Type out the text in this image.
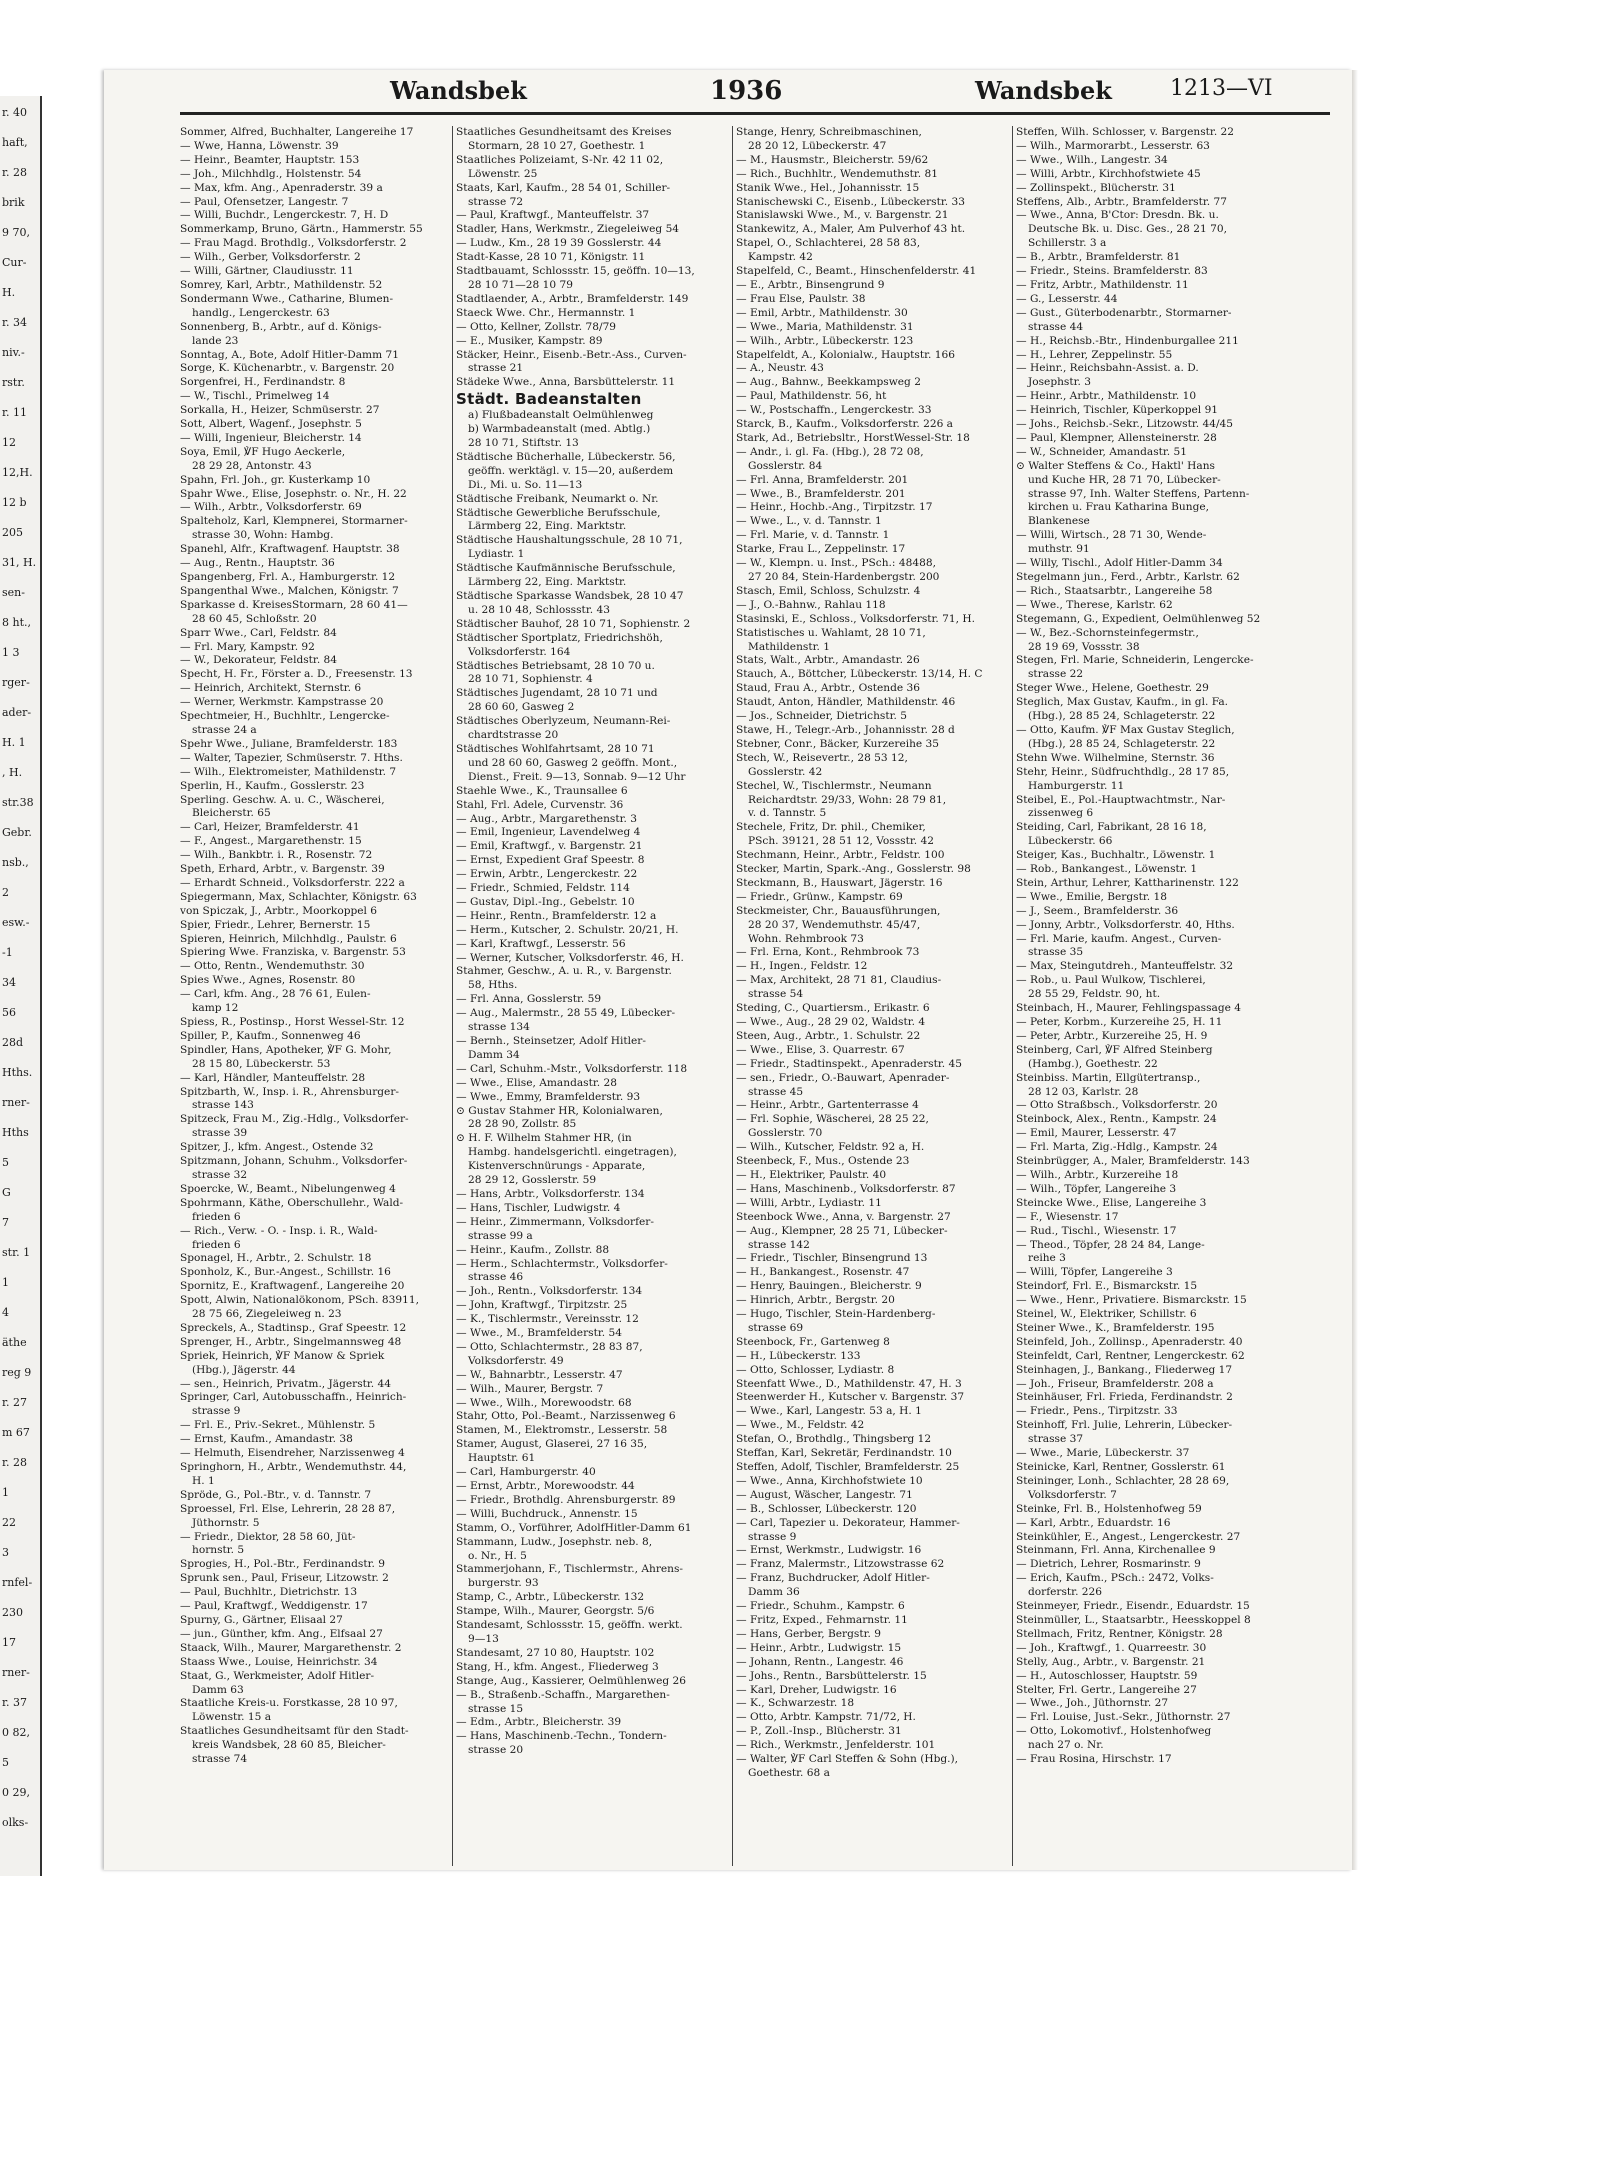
r. 40
haft,
r. 28
brik
9 70,
Cur-
H.
r. 34
niv.-
rstr.
r. 11
12
12,H.
12 b
205
31, H.
sen-
8 ht.,
1 3
rger-
ader-
H. 1
, H.
str.38
Gebr.
nsb.,
2
esw.-
-1
34
56
28d
Hths.
rner-
Hths
5
G
7
str. 1
1
4
äthe
reg 9
r. 27
m 67
r. 28
1
22
3
rnfel-
230
17
rner-
r. 37
0 82,
5
0 29,
olks-
Wandsbek	1936	Wandsbek	1213—VI
Sommer, Alfred, Buchhalter, Langereihe 17
— Wwe, Hanna, Löwenstr. 39
— Heinr., Beamter, Hauptstr. 153
— Joh., Milchhdlg., Holstenstr. 54
— Max, kfm. Ang., Apenraderstr. 39 a
— Paul, Ofensetzer, Langestr. 7
— Willi, Buchdr., Lengerckestr. 7, H. D
Sommerkamp, Bruno, Gärtn., Hammerstr. 55
— Frau Magd. Brothdlg., Volksdorferstr. 2
— Wilh., Gerber, Volksdorferstr. 2
— Willi, Gärtner, Claudiusstr. 11
Somrey, Karl, Arbtr., Mathildenstr. 52
Sondermann Wwe., Catharine, Blumen-
handlg., Lengerckestr. 63
Sonnenberg, B., Arbtr., auf d. Königs-
lande 23
Sonntag, A., Bote, Adolf Hitler-Damm 71
Sorge, K. Küchenarbtr., v. Bargenstr. 20
Sorgenfrei, H., Ferdinandstr. 8
— W., Tischl., Primelweg 14
Sorkalla, H., Heizer, Schmüserstr. 27
Sott, Albert, Wagenf., Josephstr. 5
— Willi, Ingenieur, Bleicherstr. 14
Soya, Emil, ℣F Hugo Aeckerle,
28 29 28, Antonstr. 43
Spahn, Frl. Joh., gr. Kusterkamp 10
Spahr Wwe., Elise, Josephstr. o. Nr., H. 22
— Wilh., Arbtr., Volksdorferstr. 69
Spalteholz, Karl, Klempnerei, Stormarner-
strasse 30, Wohn: Hambg.
Spanehl, Alfr., Kraftwagenf. Hauptstr. 38
— Aug., Rentn., Hauptstr. 36
Spangenberg, Frl. A., Hamburgerstr. 12
Spangenthal Wwe., Malchen, Königstr. 7
Sparkasse d. KreisesStormarn, 28 60 41—
28 60 45, Schloßstr. 20
Sparr Wwe., Carl, Feldstr. 84
— Frl. Mary, Kampstr. 92
— W., Dekorateur, Feldstr. 84
Specht, H. Fr., Förster a. D., Freesenstr. 13
— Heinrich, Architekt, Sternstr. 6
— Werner, Werkmstr. Kampstrasse 20
Spechtmeier, H., Buchhltr., Lengercke-
strasse 24 a
Spehr Wwe., Juliane, Bramfelderstr. 183
— Walter, Tapezier, Schmüserstr. 7. Hths.
— Wilh., Elektromeister, Mathildenstr. 7
Sperlin, H., Kaufm., Gosslerstr. 23
Sperling. Geschw. A. u. C., Wäscherei,
Bleicherstr. 65
— Carl, Heizer, Bramfelderstr. 41
— F., Angest., Margarethenstr. 15
— Wilh., Bankbtr. i. R., Rosenstr. 72
Speth, Erhard, Arbtr., v. Bargenstr. 39
— Erhardt Schneid., Volksdorferstr. 222 a
Spiegermann, Max, Schlachter, Königstr. 63
von Spiczak, J., Arbtr., Moorkoppel 6
Spier, Friedr., Lehrer, Bernerstr. 15
Spieren, Heinrich, Milchhdlg., Paulstr. 6
Spiering Wwe. Franziska, v. Bargenstr. 53
— Otto, Rentn., Wendemuthstr. 30
Spies Wwe., Agnes, Rosenstr. 80
— Carl, kfm. Ang., 28 76 61, Eulen-
kamp 12
Spiess, R., Postinsp., Horst Wessel-Str. 12
Spiller, P., Kaufm., Sonnenweg 46
Spindler, Hans, Apotheker, ℣F G. Mohr,
28 15 80, Lübeckerstr. 53
— Karl, Händler, Manteuffelstr. 28
Spitzbarth, W., Insp. i. R., Ahrensburger-
strasse 143
Spitzeck, Frau M., Zig.-Hdlg., Volksdorfer-
strasse 39
Spitzer, J., kfm. Angest., Ostende 32
Spitzmann, Johann, Schuhm., Volksdorfer-
strasse 32
Spoercke, W., Beamt., Nibelungenweg 4
Spohrmann, Käthe, Oberschullehr., Wald-
frieden 6
— Rich., Verw. - O. - Insp. i. R., Wald-
frieden 6
Sponagel, H., Arbtr., 2. Schulstr. 18
Sponholz, K., Bur.-Angest., Schillstr. 16
Spornitz, E., Kraftwagenf., Langereihe 20
Spott, Alwin, Nationalökonom, PSch. 83911,
28 75 66, Ziegeleiweg n. 23
Spreckels, A., Stadtinsp., Graf Speestr. 12
Sprenger, H., Arbtr., Singelmannsweg 48
Spriek, Heinrich, ℣F Manow & Spriek
(Hbg.), Jägerstr. 44
— sen., Heinrich, Privatm., Jägerstr. 44
Springer, Carl, Autobusschaffn., Heinrich-
strasse 9
— Frl. E., Priv.-Sekret., Mühlenstr. 5
— Ernst, Kaufm., Amandastr. 38
— Helmuth, Eisendreher, Narzissenweg 4
Springhorn, H., Arbtr., Wendemuthstr. 44,
H. 1
Spröde, G., Pol.-Btr., v. d. Tannstr. 7
Sproessel, Frl. Else, Lehrerin, 28 28 87,
Jüthornstr. 5
— Friedr., Diektor, 28 58 60, Jüt-
hornstr. 5
Sprogies, H., Pol.-Btr., Ferdinandstr. 9
Sprunk sen., Paul, Friseur, Litzowstr. 2
— Paul, Buchhltr., Dietrichstr. 13
— Paul, Kraftwgf., Weddigenstr. 17
Spurny, G., Gärtner, Elisaal 27
— jun., Günther, kfm. Ang., Elfsaal 27
Staack, Wilh., Maurer, Margarethenstr. 2
Staass Wwe., Louise, Heinrichstr. 34
Staat, G., Werkmeister, Adolf Hitler-
Damm 63
Staatliche Kreis-u. Forstkasse, 28 10 97,
Löwenstr. 15 a
Staatliches Gesundheitsamt für den Stadt-
kreis Wandsbek, 28 60 85, Bleicher-
strasse 74
Staatliches Gesundheitsamt des Kreises
Stormarn, 28 10 27, Goethestr. 1
Staatliches Polizeiamt, S-Nr. 42 11 02,
Löwenstr. 25
Staats, Karl, Kaufm., 28 54 01, Schiller-
strasse 72
— Paul, Kraftwgf., Manteuffelstr. 37
Stadler, Hans, Werkmstr., Ziegeleiweg 54
— Ludw., Km., 28 19 39 Gosslerstr. 44
Stadt-Kasse, 28 10 71, Königstr. 11
Stadtbauamt, Schlossstr. 15, geöffn. 10—13,
28 10 71—28 10 79
Stadtlaender, A., Arbtr., Bramfelderstr. 149
Staeck Wwe. Chr., Hermannstr. 1
— Otto, Kellner, Zollstr. 78/79
— E., Musiker, Kampstr. 89
Stäcker, Heinr., Eisenb.-Betr.-Ass., Curven-
strasse 21
Städeke Wwe., Anna, Barsbüttelerstr. 11
Städt. Badeanstalten
a) Flußbadeanstalt Oelmühlenweg
b) Warmbadeanstalt (med. Abtlg.)
28 10 71, Stiftstr. 13
Städtische Bücherhalle, Lübeckerstr. 56,
geöffn. werktägl. v. 15—20, außerdem
Di., Mi. u. So. 11—13
Städtische Freibank, Neumarkt o. Nr.
Städtische Gewerbliche Berufsschule,
Lärmberg 22, Eing. Marktstr.
Städtische Haushaltungsschule, 28 10 71,
Lydiastr. 1
Städtische Kaufmännische Berufsschule,
Lärmberg 22, Eing. Marktstr.
Städtische Sparkasse Wandsbek, 28 10 47
u. 28 10 48, Schlossstr. 43
Städtischer Bauhof, 28 10 71, Sophienstr. 2
Städtischer Sportplatz, Friedrichshöh,
Volksdorferstr. 164
Städtisches Betriebsamt, 28 10 70 u.
28 10 71, Sophienstr. 4
Städtisches Jugendamt, 28 10 71 und
28 60 60, Gasweg 2
Städtisches Oberlyzeum, Neumann-Rei-
chardtstrasse 20
Städtisches Wohlfahrtsamt, 28 10 71
und 28 60 60, Gasweg 2 geöffn. Mont.,
Dienst., Freit. 9—13, Sonnab. 9—12 Uhr
Staehle Wwe., K., Traunsallee 6
Stahl, Frl. Adele, Curvenstr. 36
— Aug., Arbtr., Margarethenstr. 3
— Emil, Ingenieur, Lavendelweg 4
— Emil, Kraftwgf., v. Bargenstr. 21
— Ernst, Expedient Graf Speestr. 8
— Erwin, Arbtr., Lengerckestr. 22
— Friedr., Schmied, Feldstr. 114
— Gustav, Dipl.-Ing., Gebelstr. 10
— Heinr., Rentn., Bramfelderstr. 12 a
— Herm., Kutscher, 2. Schulstr. 20/21, H.
— Karl, Kraftwgf., Lesserstr. 56
— Werner, Kutscher, Volksdorferstr. 46, H.
Stahmer, Geschw., A. u. R., v. Bargenstr.
58, Hths.
— Frl. Anna, Gosslerstr. 59
— Aug., Malermstr., 28 55 49, Lübecker-
strasse 134
— Bernh., Steinsetzer, Adolf Hitler-
Damm 34
— Carl, Schuhm.-Mstr., Volksdorferstr. 118
— Wwe., Elise, Amandastr. 28
— Wwe., Emmy, Bramfelderstr. 93
⊙ Gustav Stahmer HR, Kolonialwaren,
28 28 90, Zollstr. 85
⊙ H. F. Wilhelm Stahmer HR, (in
Hambg. handelsgerichtl. eingetragen),
Kistenverschnürungs - Apparate,
28 29 12, Gosslerstr. 59
— Hans, Arbtr., Volksdorferstr. 134
— Hans, Tischler, Ludwigstr. 4
— Heinr., Zimmermann, Volksdorfer-
strasse 99 a
— Heinr., Kaufm., Zollstr. 88
— Herm., Schlachtermstr., Volksdorfer-
strasse 46
— Joh., Rentn., Volksdorferstr. 134
— John, Kraftwgf., Tirpitzstr. 25
— K., Tischlermstr., Vereinsstr. 12
— Wwe., M., Bramfelderstr. 54
— Otto, Schlachtermstr., 28 83 87,
Volksdorferstr. 49
— W., Bahnarbtr., Lesserstr. 47
— Wilh., Maurer, Bergstr. 7
— Wwe., Wilh., Morewoodstr. 68
Stahr, Otto, Pol.-Beamt., Narzissenweg 6
Stamen, M., Elektromstr., Lesserstr. 58
Stamer, August, Glaserei, 27 16 35,
Hauptstr. 61
— Carl, Hamburgerstr. 40
— Ernst, Arbtr., Morewoodstr. 44
— Friedr., Brothdlg. Ahrensburgerstr. 89
— Willi, Buchdruck., Annenstr. 15
Stamm, O., Vorführer, AdolfHitler-Damm 61
Stammann, Ludw., Josephstr. neb. 8,
o. Nr., H. 5
Stammerjohann, F., Tischlermstr., Ahrens-
burgerstr. 93
Stamp, C., Arbtr., Lübeckerstr. 132
Stampe, Wilh., Maurer, Georgstr. 5/6
Standesamt, Schlossstr. 15, geöffn. werkt.
9—13
Standesamt, 27 10 80, Hauptstr. 102
Stang, H., kfm. Angest., Fliederweg 3
Stange, Aug., Kassierer, Oelmühlenweg 26
— B., Straßenb.-Schaffn., Margarethen-
strasse 15
— Edm., Arbtr., Bleicherstr. 39
— Hans, Maschinenb.-Techn., Tondern-
strasse 20
Stange, Henry, Schreibmaschinen,
28 20 12, Lübeckerstr. 47
— M., Hausmstr., Bleicherstr. 59/62
— Rich., Buchhltr., Wendemuthstr. 81
Stanik Wwe., Hel., Johannisstr. 15
Stanischewski C., Eisenb., Lübeckerstr. 33
Stanislawski Wwe., M., v. Bargenstr. 21
Stankewitz, A., Maler, Am Pulverhof 43 ht.
Stapel, O., Schlachterei, 28 58 83,
Kampstr. 42
Stapelfeld, C., Beamt., Hinschenfelderstr. 41
— E., Arbtr., Binsengrund 9
— Frau Else, Paulstr. 38
— Emil, Arbtr., Mathildenstr. 30
— Wwe., Maria, Mathildenstr. 31
— Wilh., Arbtr., Lübeckerstr. 123
Stapelfeldt, A., Kolonialw., Hauptstr. 166
— A., Neustr. 43
— Aug., Bahnw., Beekkampsweg 2
— Paul, Mathildenstr. 56, ht
— W., Postschaffn., Lengerckestr. 33
Starck, B., Kaufm., Volksdorferstr. 226 a
Stark, Ad., Betriebsltr., HorstWessel-Str. 18
— Andr., i. gl. Fa. (Hbg.), 28 72 08,
Gosslerstr. 84
— Frl. Anna, Bramfelderstr. 201
— Wwe., B., Bramfelderstr. 201
— Heinr., Hochb.-Ang., Tirpitzstr. 17
— Wwe., L., v. d. Tannstr. 1
— Frl. Marie, v. d. Tannstr. 1
Starke, Frau L., Zeppelinstr. 17
— W., Klempn. u. Inst., PSch.: 48488,
27 20 84, Stein-Hardenbergstr. 200
Stasch, Emil, Schloss, Schulzstr. 4
— J., O.-Bahnw., Rahlau 118
Stasinski, E., Schloss., Volksdorferstr. 71, H.
Statistisches u. Wahlamt, 28 10 71,
Mathildenstr. 1
Stats, Walt., Arbtr., Amandastr. 26
Stauch, A., Böttcher, Lübeckerstr. 13/14, H. C
Staud, Frau A., Arbtr., Ostende 36
Staudt, Anton, Händler, Mathildenstr. 46
— Jos., Schneider, Dietrichstr. 5
Stawe, H., Telegr.-Arb., Johannisstr. 28 d
Stebner, Conr., Bäcker, Kurzereihe 35
Stech, W., Reisevertr., 28 53 12,
Gosslerstr. 42
Stechel, W., Tischlermstr., Neumann
Reichardtstr. 29/33, Wohn: 28 79 81,
v. d. Tannstr. 5
Stechele, Fritz, Dr. phil., Chemiker,
PSch. 39121, 28 51 12, Vossstr. 42
Stechmann, Heinr., Arbtr., Feldstr. 100
Stecker, Martin, Spark.-Ang., Gosslerstr. 98
Steckmann, B., Hauswart, Jägerstr. 16
— Friedr., Grünw., Kampstr. 69
Steckmeister, Chr., Bauausführungen,
28 20 37, Wendemuthstr. 45/47,
Wohn. Rehmbrook 73
— Frl. Erna, Kont., Rehmbrook 73
— H., Ingen., Feldstr. 12
— Max, Architekt, 28 71 81, Claudius-
strasse 54
Steding, C., Quartiersm., Erikastr. 6
— Wwe., Aug., 28 29 02, Waldstr. 4
Steen, Aug., Arbtr., 1. Schulstr. 22
— Wwe., Elise, 3. Quarrestr. 67
— Friedr., Stadtinspekt., Apenraderstr. 45
— sen., Friedr., O.-Bauwart, Apenrader-
strasse 45
— Heinr., Arbtr., Gartenterrasse 4
— Frl. Sophie, Wäscherei, 28 25 22,
Gosslerstr. 70
— Wilh., Kutscher, Feldstr. 92 a, H.
Steenbeck, F., Mus., Ostende 23
— H., Elektriker, Paulstr. 40
— Hans, Maschinenb., Volksdorferstr. 87
— Willi, Arbtr., Lydiastr. 11
Steenbock Wwe., Anna, v. Bargenstr. 27
— Aug., Klempner, 28 25 71, Lübecker-
strasse 142
— Friedr., Tischler, Binsengrund 13
— H., Bankangest., Rosenstr. 47
— Henry, Bauingen., Bleicherstr. 9
— Hinrich, Arbtr., Bergstr. 20
— Hugo, Tischler, Stein-Hardenberg-
strasse 69
Steenbock, Fr., Gartenweg 8
— H., Lübeckerstr. 133
— Otto, Schlosser, Lydiastr. 8
Steenfatt Wwe., D., Mathildenstr. 47, H. 3
Steenwerder H., Kutscher v. Bargenstr. 37
— Wwe., Karl, Langestr. 53 a, H. 1
— Wwe., M., Feldstr. 42
Stefan, O., Brothdlg., Thingsberg 12
Steffan, Karl, Sekretär, Ferdinandstr. 10
Steffen, Adolf, Tischler, Bramfelderstr. 25
— Wwe., Anna, Kirchhofstwiete 10
— August, Wäscher, Langestr. 71
— B., Schlosser, Lübeckerstr. 120
— Carl, Tapezier u. Dekorateur, Hammer-
strasse 9
— Ernst, Werkmstr., Ludwigstr. 16
— Franz, Malermstr., Litzowstrasse 62
— Franz, Buchdrucker, Adolf Hitler-
Damm 36
— Friedr., Schuhm., Kampstr. 6
— Fritz, Exped., Fehmarnstr. 11
— Hans, Gerber, Bergstr. 9
— Heinr., Arbtr., Ludwigstr. 15
— Johann, Rentn., Langestr. 46
— Johs., Rentn., Barsbüttelerstr. 15
— Karl, Dreher, Ludwigstr. 16
— K., Schwarzestr. 18
— Otto, Arbtr. Kampstr. 71/72, H.
— P., Zoll.-Insp., Blücherstr. 31
— Rich., Werkmstr., Jenfelderstr. 101
— Walter, ℣F Carl Steffen & Sohn (Hbg.),
Goethestr. 68 a
Steffen, Wilh. Schlosser, v. Bargenstr. 22
— Wilh., Marmorarbt., Lesserstr. 63
— Wwe., Wilh., Langestr. 34
— Willi, Arbtr., Kirchhofstwiete 45
— Zollinspekt., Blücherstr. 31
Steffens, Alb., Arbtr., Bramfelderstr. 77
— Wwe., Anna, B'Ctor: Dresdn. Bk. u.
Deutsche Bk. u. Disc. Ges., 28 21 70,
Schillerstr. 3 a
— B., Arbtr., Bramfelderstr. 81
— Friedr., Steins. Bramfelderstr. 83
— Fritz, Arbtr., Mathildenstr. 11
— G., Lesserstr. 44
— Gust., Güterbodenarbtr., Stormarner-
strasse 44
— H., Reichsb.-Btr., Hindenburgallee 211
— H., Lehrer, Zeppelinstr. 55
— Heinr., Reichsbahn-Assist. a. D.
Josephstr. 3
— Heinr., Arbtr., Mathildenstr. 10
— Heinrich, Tischler, Küperkoppel 91
— Johs., Reichsb.-Sekr., Litzowstr. 44/45
— Paul, Klempner, Allensteinerstr. 28
— W., Schneider, Amandastr. 51
⊙ Walter Steffens & Co., Haktl' Hans
und Kuche HR, 28 71 70, Lübecker-
strasse 97, Inh. Walter Steffens, Partenn-
kirchen u. Frau Katharina Bunge,
Blankenese
— Willi, Wirtsch., 28 71 30, Wende-
muthstr. 91
— Willy, Tischl., Adolf Hitler-Damm 34
Stegelmann jun., Ferd., Arbtr., Karlstr. 62
— Rich., Staatsarbtr., Langereihe 58
— Wwe., Therese, Karlstr. 62
Stegemann, G., Expedient, Oelmühlenweg 52
— W., Bez.-Schornsteinfegermstr.,
28 19 69, Vossstr. 38
Stegen, Frl. Marie, Schneiderin, Lengercke-
strasse 22
Steger Wwe., Helene, Goethestr. 29
Steglich, Max Gustav, Kaufm., in gl. Fa.
(Hbg.), 28 85 24, Schlageterstr. 22
— Otto, Kaufm. ℣F Max Gustav Steglich,
(Hbg.), 28 85 24, Schlageterstr. 22
Stehn Wwe. Wilhelmine, Sternstr. 36
Stehr, Heinr., Südfruchthdlg., 28 17 85,
Hamburgerstr. 11
Steibel, E., Pol.-Hauptwachtmstr., Nar-
zissenweg 6
Steiding, Carl, Fabrikant, 28 16 18,
Lübeckerstr. 66
Steiger, Kas., Buchhaltr., Löwenstr. 1
— Rob., Bankangest., Löwenstr. 1
Stein, Arthur, Lehrer, Kattharinenstr. 122
— Wwe., Emilie, Bergstr. 18
— J., Seem., Bramfelderstr. 36
— Jonny, Arbtr., Volksdorferstr. 40, Hths.
— Frl. Marie, kaufm. Angest., Curven-
strasse 35
— Max, Steingutdreh., Manteuffelstr. 32
— Rob., u. Paul Wulkow, Tischlerei,
28 55 29, Feldstr. 90, ht.
Steinbach, H., Maurer, Fehlingspassage 4
— Peter, Korbm., Kurzereihe 25, H. 11
— Peter, Arbtr., Kurzereihe 25, H. 9
Steinberg, Carl, ℣F Alfred Steinberg
(Hambg.), Goethestr. 22
Steinbiss. Martin, Ellgütertransp.,
28 12 03, Karlstr. 28
— Otto Straßbsch., Volksdorferstr. 20
Steinbock, Alex., Rentn., Kampstr. 24
— Emil, Maurer, Lesserstr. 47
— Frl. Marta, Zig.-Hdlg., Kampstr. 24
Steinbrügger, A., Maler, Bramfelderstr. 143
— Wilh., Arbtr., Kurzereihe 18
— Wilh., Töpfer, Langereihe 3
Steincke Wwe., Elise, Langereihe 3
— F., Wiesenstr. 17
— Rud., Tischl., Wiesenstr. 17
— Theod., Töpfer, 28 24 84, Lange-
reihe 3
— Willi, Töpfer, Langereihe 3
Steindorf, Frl. E., Bismarckstr. 15
— Wwe., Henr., Privatiere. Bismarckstr. 15
Steinel, W., Elektriker, Schillstr. 6
Steiner Wwe., K., Bramfelderstr. 195
Steinfeld, Joh., Zollinsp., Apenraderstr. 40
Steinfeldt, Carl, Rentner, Lengerckestr. 62
Steinhagen, J., Bankang., Fliederweg 17
— Joh., Friseur, Bramfelderstr. 208 a
Steinhäuser, Frl. Frieda, Ferdinandstr. 2
— Friedr., Pens., Tirpitzstr. 33
Steinhoff, Frl. Julie, Lehrerin, Lübecker-
strasse 37
— Wwe., Marie, Lübeckerstr. 37
Steinicke, Karl, Rentner, Gosslerstr. 61
Steininger, Lonh., Schlachter, 28 28 69,
Volksdorferstr. 7
Steinke, Frl. B., Holstenhofweg 59
— Karl, Arbtr., Eduardstr. 16
Steinkühler, E., Angest., Lengerckestr. 27
Steinmann, Frl. Anna, Kirchenallee 9
— Dietrich, Lehrer, Rosmarinstr. 9
— Erich, Kaufm., PSch.: 2472, Volks-
dorferstr. 226
Steinmeyer, Friedr., Eisendr., Eduardstr. 15
Steinmüller, L., Staatsarbtr., Heesskoppel 8
Stellmach, Fritz, Rentner, Königstr. 28
— Joh., Kraftwgf., 1. Quarreestr. 30
Stelly, Aug., Arbtr., v. Bargenstr. 21
— H., Autoschlosser, Hauptstr. 59
Stelter, Frl. Gertr., Langereihe 27
— Wwe., Joh., Jüthornstr. 27
— Frl. Louise, Just.-Sekr., Jüthornstr. 27
— Otto, Lokomotivf., Holstenhofweg
nach 27 o. Nr.
— Frau Rosina, Hirschstr. 17
